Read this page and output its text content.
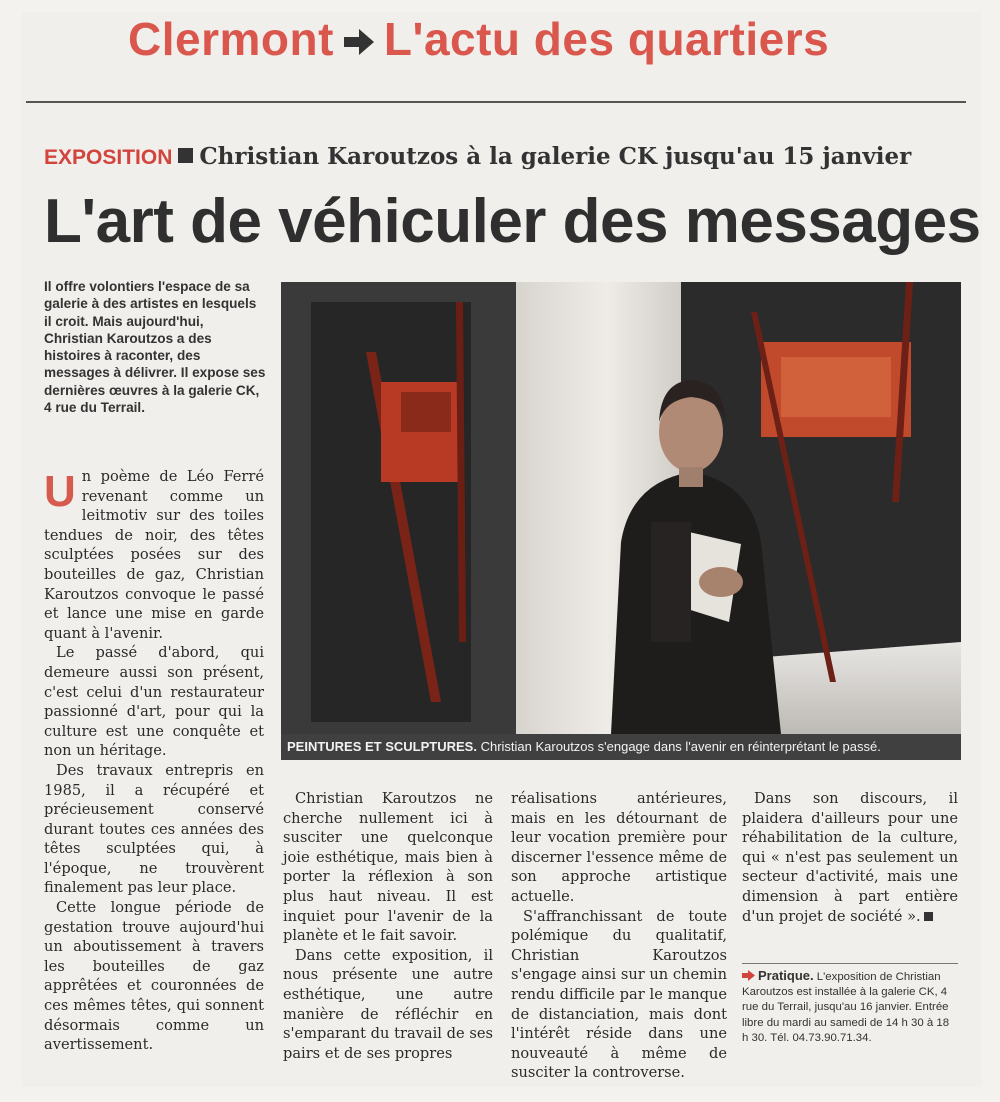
Clermont L'actu des quartiers
EXPOSITION Christian Karoutzos à la galerie CK jusqu'au 15 janvier
L'art de véhiculer des messages
Il offre volontiers l'espace de sa galerie à des artistes en lesquels il croit. Mais aujourd'hui, Christian Karoutzos a des histoires à raconter, des messages à délivrer. Il expose ses dernières œuvres à la galerie CK, 4 rue du Terrail.
PEINTURES ET SCULPTURES. Christian Karoutzos s'engage dans l'avenir en réinterprétant le passé.

Un poème de Léo Ferré revenant comme un leitmotiv sur des toiles tendues de noir, des têtes sculptées posées sur des bouteilles de gaz, Christian Karoutzos convoque le passé et lance une mise en garde quant à l'avenir.

Le passé d'abord, qui demeure aussi son présent, c'est celui d'un restaurateur passionné d'art, pour qui la culture est une conquête et non un héritage.

Des travaux entrepris en 1985, il a récupéré et précieusement conservé durant toutes ces années des têtes sculptées qui, à l'époque, ne trouvèrent finalement pas leur place.

Cette longue période de gestation trouve aujourd'hui un aboutissement à travers les bouteilles de gaz apprêtées et couronnées de ces mêmes têtes, qui sonnent désormais comme un avertissement.

Christian Karoutzos ne cherche nullement ici à susciter une quelconque joie esthétique, mais bien à porter la réflexion à son plus haut niveau. Il est inquiet pour l'avenir de la planète et le fait savoir.

Dans cette exposition, il nous présente une autre esthétique, une autre manière de réfléchir en s'emparant du travail de ses pairs et de ses propres

réalisations antérieures, mais en les détournant de leur vocation première pour discerner l'essence même de son approche artistique actuelle.

S'affranchissant de toute polémique du qualitatif, Christian Karoutzos s'engage ainsi sur un chemin rendu difficile par le manque de distanciation, mais dont l'intérêt réside dans une nouveauté à même de susciter la controverse.

Dans son discours, il plaidera d'ailleurs pour une réhabilitation de la culture, qui « n'est pas seulement un secteur d'activité, mais une dimension à part entière d'un projet de société ».

Pratique. L'exposition de Christian Karoutzos est installée à la galerie CK, 4 rue du Terrail, jusqu'au 16 janvier. Entrée libre du mardi au samedi de 14 h 30 à 18 h 30. Tél. 04.73.90.71.34.
